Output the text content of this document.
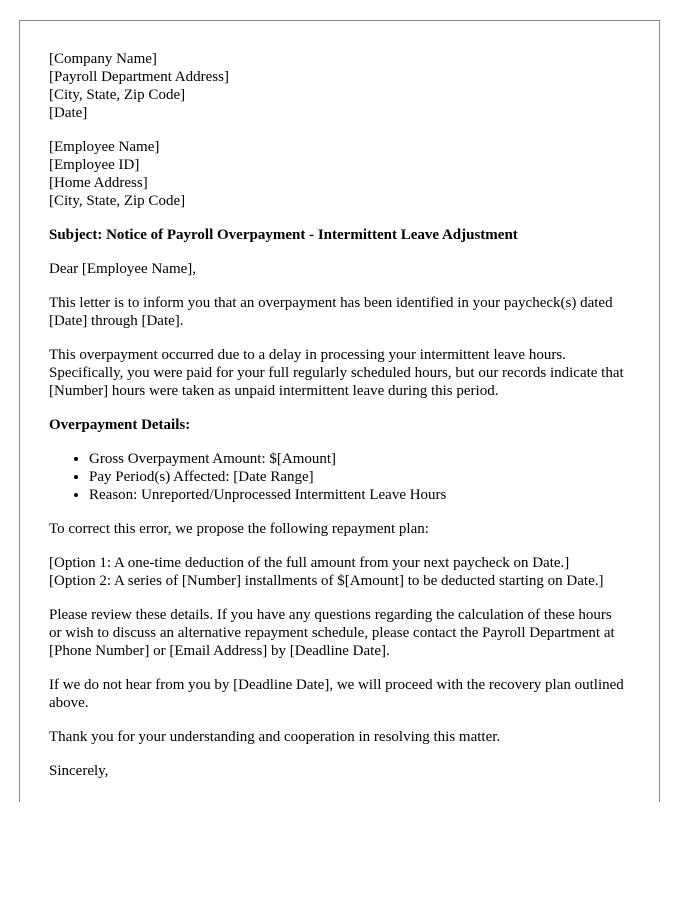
[Company Name]
[Payroll Department Address]
[City, State, Zip Code]
[Date]
[Employee Name]
[Employee ID]
[Home Address]
[City, State, Zip Code]
Subject: Notice of Payroll Overpayment - Intermittent Leave Adjustment

Dear [Employee Name],

This letter is to inform you that an overpayment has been identified in your paycheck(s) dated [Date] through [Date].

This overpayment occurred due to a delay in processing your intermittent leave hours. Specifically, you were paid for your full regularly scheduled hours, but our records indicate that [Number] hours were taken as unpaid intermittent leave during this period.

Overpayment Details:
• Gross Overpayment Amount: $[Amount]
• Pay Period(s) Affected: [Date Range]
• Reason: Unreported/Unprocessed Intermittent Leave Hours

To correct this error, we propose the following repayment plan:

[Option 1: A one-time deduction of the full amount from your next paycheck on Date.]
[Option 2: A series of [Number] installments of $[Amount] to be deducted starting on Date.]

Please review these details. If you have any questions regarding the calculation of these hours or wish to discuss an alternative repayment schedule, please contact the Payroll Department at [Phone Number] or [Email Address] by [Deadline Date].

If we do not hear from you by [Deadline Date], we will proceed with the recovery plan outlined above.

Thank you for your understanding and cooperation in resolving this matter.

Sincerely,
